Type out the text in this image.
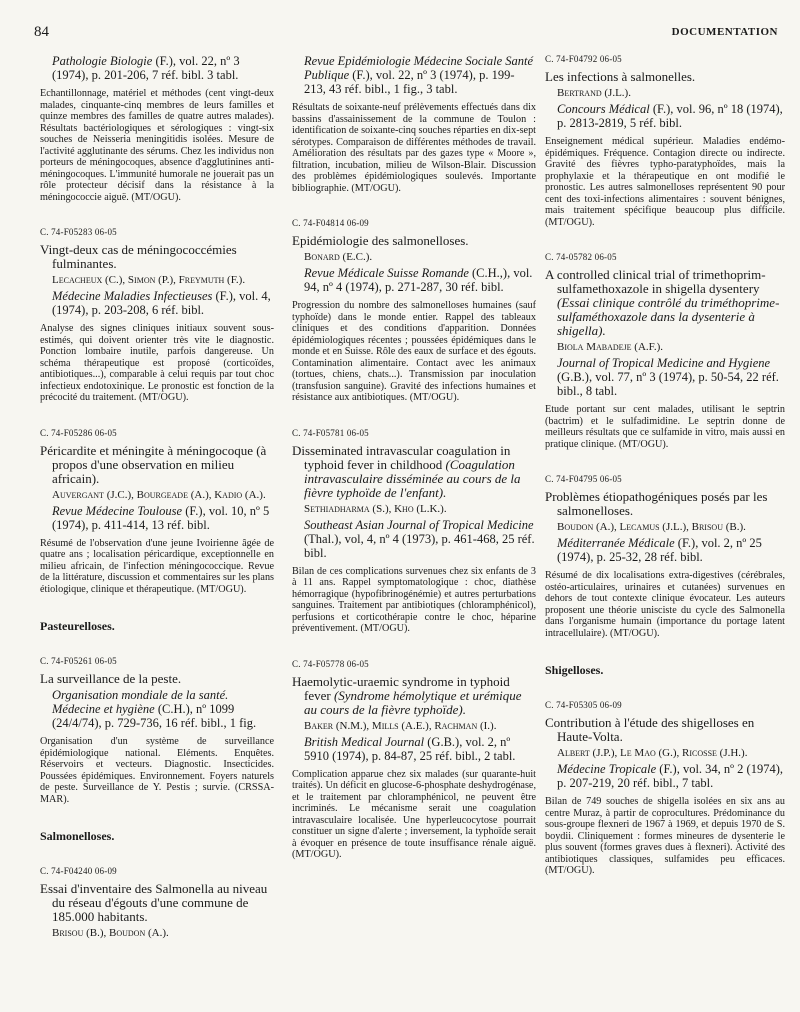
84	DOCUMENTATION
Pathologie Biologie (F.), vol. 22, nº 3 (1974), p. 201-206, 7 réf. bibl. 3 tabl.

Echantillonnage, matériel et méthodes (cent vingt-deux malades, cinquante-cinq membres de leurs familles et quinze membres des familles de quatre autres malades). Résultats bactériologiques et sérologiques : vingt-six souches de Neisseria meningitidis isolées. Mesure de l'activité agglutinante des sérums. Chez les individus non porteurs de méningocoques, absence d'agglutinines anti-méningocoques. L'immunité humorale ne jouerait pas un rôle protecteur décisif dans la résistance à la méningococcie aiguë. (MT/OGU).

C. 74-F05283 06-05
Vingt-deux cas de méningococcémies fulminantes.
Lecacheux (C.), Simon (P.), Freymuth (F.).
Médecine Maladies Infectieuses (F.), vol. 4, (1974), p. 203-208, 6 réf. bibl.

Analyse des signes cliniques initiaux souvent sous-estimés, qui doivent orienter très vite le diagnostic. Ponction lombaire inutile, parfois dangereuse. Un schéma thérapeutique est proposé (corticoïdes, antibiotiques...), comparable à celui requis par tout choc infectieux endotoxinique. Le pronostic est fonction de la précocité du traitement. (MT/OGU).

C. 74-F05286 06-05
Péricardite et méningite à méningocoque (à propos d'une observation en milieu africain).
Auvergant (J.C.), Bourgeade (A.), Kadio (A.).
Revue Médecine Toulouse (F.), vol. 10, nº 5 (1974), p. 411-414, 13 réf. bibl.

Résumé de l'observation d'une jeune Ivoirienne âgée de quatre ans ; localisation péricardique, exceptionnelle en milieu africain, de l'infection méningococcique. Revue de la littérature, discussion et commentaires sur les plans étiologique, clinique et thérapeutique. (MT/OGU).

Pasteurelloses.
C. 74-F05261 06-05
La surveillance de la peste.
Organisation mondiale de la santé. Médecine et hygiène (C.H.), nº 1099 (24/4/74), p. 729-736, 16 réf. bibl., 1 fig.

Organisation d'un système de surveillance épidémiologique national. Eléments. Enquêtes. Réservoirs et vecteurs. Diagnostic. Insecticides. Poussées épidémiques. Environnement. Foyers naturels de peste. Surveillance de Y. Pestis ; survie. (CRSSA-MAR).

Salmonelloses.
C. 74-F04240 06-09
Essai d'inventaire des Salmonella au niveau du réseau d'égouts d'une commune de 185.000 habitants.
Brisou (B.), Boudon (A.).
Revue Epidémiologie Médecine Sociale Santé Publique (F.), vol. 22, nº 3 (1974), p. 199-213, 43 réf. bibl., 1 fig., 3 tabl.

Résultats de soixante-neuf prélèvements effectués dans dix bassins d'assainissement de la commune de Toulon : identification de soixante-cinq souches réparties en dix-sept sérotypes. Comparaison de différentes méthodes de travail. Amélioration des résultats par des gazes type « Moore », filtration, incubation, milieu de Wilson-Blair. Discussion des problèmes épidémiologiques soulevés. Importante bibliographie. (MT/OGU).

C. 74-F04814 06-09
Epidémiologie des salmonelloses.
Bonard (E.C.).
Revue Médicale Suisse Romande (C.H.,), vol. 94, nº 4 (1974), p. 271-287, 30 réf. bibl.

Progression du nombre des salmonelloses humaines (sauf typhoïde) dans le monde entier. Rappel des tableaux cliniques et des conditions d'apparition. Données épidémiologiques récentes ; poussées épidémiques dans le monde et en Suisse. Rôle des eaux de surface et des égouts. Contamination alimentaire. Contact avec les animaux (tortues, chiens, chats...). Transmission par inoculation (transfusion sanguine). Gravité des infections humaines et résistance aux antibiotiques. (MT/OGU).

C. 74-F05781 06-05
Disseminated intravascular coagulation in typhoid fever in childhood (Coagulation intravasculaire disséminée au cours de la fièvre typhoïde de l'enfant).
Sethiadharma (S.), Kho (L.K.).
Southeast Asian Journal of Tropical Medicine (Thal.), vol, 4, nº 4 (1973), p. 461-468, 25 réf. bibl.

Bilan de ces complications survenues chez six enfants de 3 à 11 ans. Rappel symptomatologique : choc, diathèse hémorragique (hypofibrinogénémie) et autres perturbations sanguines. Traitement par antibiotiques (chloramphénicol), perfusions et corticothérapie contre le choc, héparine préventivement. (MT/OGU).

C. 74-F05778 06-05
Haemolytic-uraemic syndrome in typhoid fever (Syndrome hémolytique et urémique au cours de la fièvre typhoïde).
Baker (N.M.), Mills (A.E.), Rachman (I.).
British Medical Journal (G.B.), vol. 2, nº 5910 (1974), p. 84-87, 25 réf. bibl., 2 tabl.

Complication apparue chez six malades (sur quarante-huit traités). Un déficit en glucose-6-phosphate deshydrogénase, et le traitement par chloramphénicol, ne peuvent être incriminés. Le mécanisme serait une coagulation intravasculaire localisée. Une hyperleucocytose pourrait constituer un signe d'alerte ; inversement, la typhoïde serait à évoquer en présence de toute insuffisance rénale aiguë. (MT/OGU).

C. 74-F04792 06-05
Les infections à salmonelles.
Bertrand (J.L.).
Concours Médical (F.), vol. 96, nº 18 (1974), p. 2813-2819, 5 réf. bibl.

Enseignement médical supérieur. Maladies endémo-épidémiques. Fréquence. Contagion directe ou indirecte. Gravité des fièvres typho-paratyphoïdes, mais la prophylaxie et la thérapeutique en ont modifié le pronostic. Les autres salmonelloses représentent 90 pour cent des toxi-infections alimentaires : souvent bénignes, mais traitement spécifique beaucoup plus difficile. (MT/OGU).

C. 74-05782 06-05
A controlled clinical trial of trimethoprim-sulfamethoxazole in shigella dysentery (Essai clinique contrôlé du triméthoprime-sulfaméthoxazole dans la dysenterie à shigella).
Biola Mabadeje (A.F.).
Journal of Tropical Medicine and Hygiene (G.B.), vol. 77, nº 3 (1974), p. 50-54, 22 réf. bibl., 8 tabl.

Etude portant sur cent malades, utilisant le septrin (bactrim) et le sulfadimidine. Le septrin donne de meilleurs résultats que ce sulfamide in vitro, mais aussi en pratique clinique. (MT/OGU).

C. 74-F04795 06-05
Problèmes étiopathogéniques posés par les salmonelloses.
Boudon (A.), Lecamus (J.L.), Brisou (B.).
Méditerranée Médicale (F.), vol. 2, nº 25 (1974), p. 25-32, 28 réf. bibl.

Résumé de dix localisations extra-digestives (cérébrales, ostéo-articulaires, urinaires et cutanées) survenues en dehors de tout contexte clinique évocateur. Les auteurs proposent une théorie unisciste du cycle des Salmonella dans l'organisme humain (importance du portage latent intracellulaire). (MT/OGU).

Shigelloses.
C. 74-F05305 06-09
Contribution à l'étude des shigelloses en Haute-Volta.
Albert (J.P.), Le Mao (G.), Ricosse (J.H.).
Médecine Tropicale (F.), vol. 34, nº 2 (1974), p. 207-219, 20 réf. bibl., 7 tabl.

Bilan de 749 souches de shigella isolées en six ans au centre Muraz, à partir de coprocultures. Prédominance du sous-groupe flexneri de 1967 à 1969, et depuis 1970 de S. boydii. Cliniquement : formes mineures de dysenterie le plus souvent (formes graves dues à flexneri). Activité des antibiotiques classiques, sulfamides peu efficaces. (MT/OGU).
